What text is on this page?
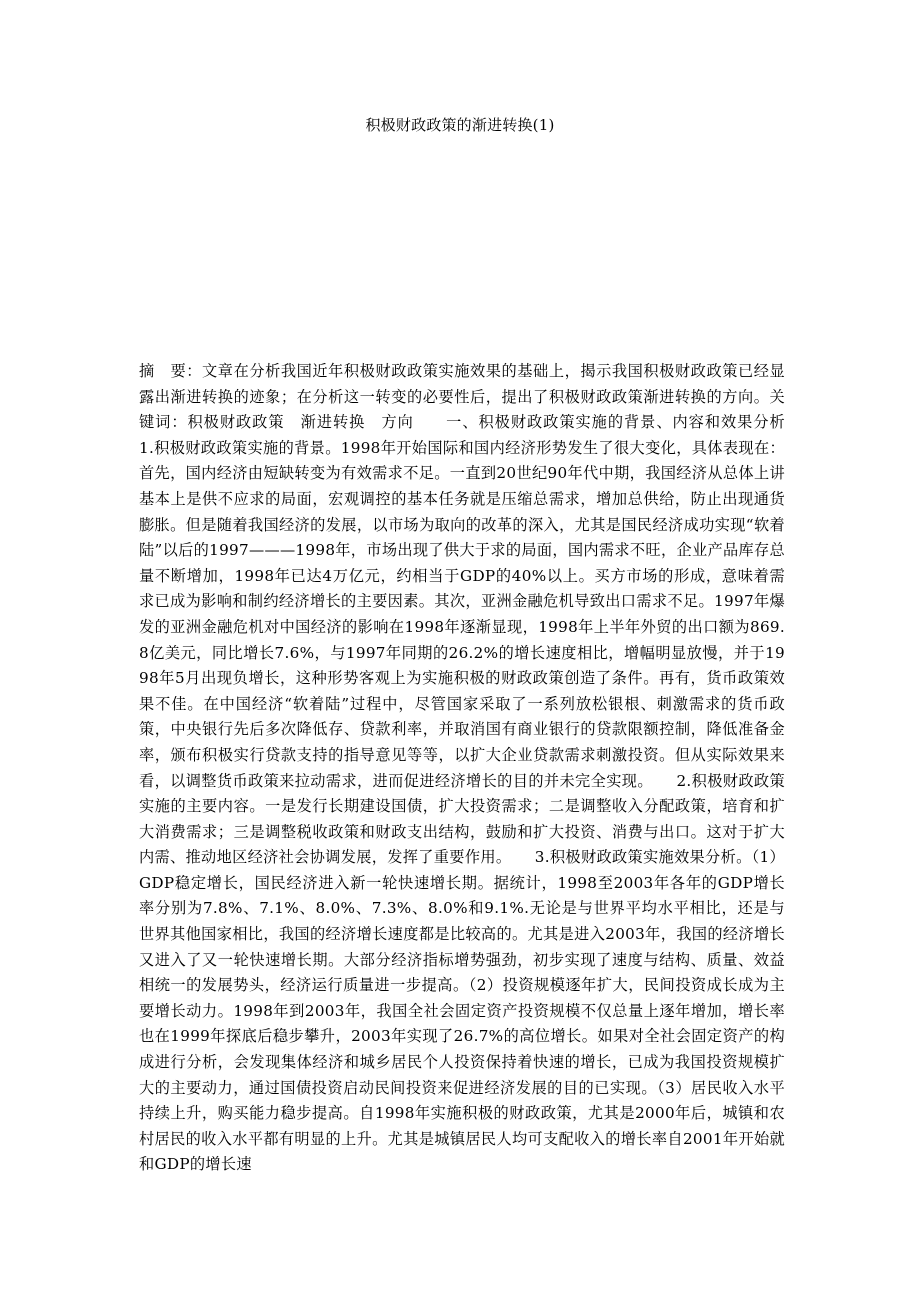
积极财政政策的渐进转换(1)

摘　要：文章在分析我国近年积极财政政策实施效果的基础上，揭示我国积极财政政策已经显露出渐进转换的迹象；在分析这一转变的必要性后，提出了积极财政政策渐进转换的方向。关键词：积极财政政策　渐进转换　方向　　一、积极财政政策实施的背景、内容和效果分析　　1.积极财政政策实施的背景。1998年开始国际和国内经济形势发生了很大变化，具体表现在：首先，国内经济由短缺转变为有效需求不足。一直到20世纪90年代中期，我国经济从总体上讲基本上是供不应求的局面，宏观调控的基本任务就是压缩总需求，增加总供给，防止出现通货膨胀。但是随着我国经济的发展，以市场为取向的改革的深入，尤其是国民经济成功实现“软着陆”以后的1997———1998年，市场出现了供大于求的局面，国内需求不旺，企业产品库存总量不断增加，1998年已达4万亿元，约相当于GDP的40%以上。买方市场的形成，意味着需求已成为影响和制约经济增长的主要因素。其次，亚洲金融危机导致出口需求不足。1997年爆发的亚洲金融危机对中国经济的影响在1998年逐渐显现，1998年上半年外贸的出口额为869.8亿美元，同比增长7.6%，与1997年同期的26.2%的增长速度相比，增幅明显放慢，并于1998年5月出现负增长，这种形势客观上为实施积极的财政政策创造了条件。再有，货币政策效果不佳。在中国经济“软着陆”过程中，尽管国家采取了一系列放松银根、刺激需求的货币政策，中央银行先后多次降低存、贷款利率，并取消国有商业银行的贷款限额控制，降低准备金率，颁布积极实行贷款支持的指导意见等等，以扩大企业贷款需求刺激投资。但从实际效果来看，以调整货币政策来拉动需求，进而促进经济增长的目的并未完全实现。　　2.积极财政政策实施的主要内容。一是发行长期建设国债，扩大投资需求；二是调整收入分配政策，培育和扩大消费需求；三是调整税收政策和财政支出结构，鼓励和扩大投资、消费与出口。这对于扩大内需、推动地区经济社会协调发展，发挥了重要作用。　　3.积极财政政策实施效果分析。（1）GDP稳定增长，国民经济进入新一轮快速增长期。据统计，1998至2003年各年的GDP增长率分别为7.8%、7.1%、8.0%、7.3%、8.0%和9.1%.无论是与世界平均水平相比，还是与世界其他国家相比，我国的经济增长速度都是比较高的。尤其是进入2003年，我国的经济增长又进入了又一轮快速增长期。大部分经济指标增势强劲，初步实现了速度与结构、质量、效益相统一的发展势头，经济运行质量进一步提高。（2）投资规模逐年扩大，民间投资成长成为主要增长动力。1998年到2003年，我国全社会固定资产投资规模不仅总量上逐年增加，增长率也在1999年探底后稳步攀升，2003年实现了26.7%的高位增长。如果对全社会固定资产的构成进行分析，会发现集体经济和城乡居民个人投资保持着快速的增长，已成为我国投资规模扩大的主要动力，通过国债投资启动民间投资来促进经济发展的目的已实现。（3）居民收入水平持续上升，购买能力稳步提高。自1998年实施积极的财政政策，尤其是2000年后，城镇和农村居民的收入水平都有明显的上升。尤其是城镇居民人均可支配收入的增长率自2001年开始就和GDP的增长速
